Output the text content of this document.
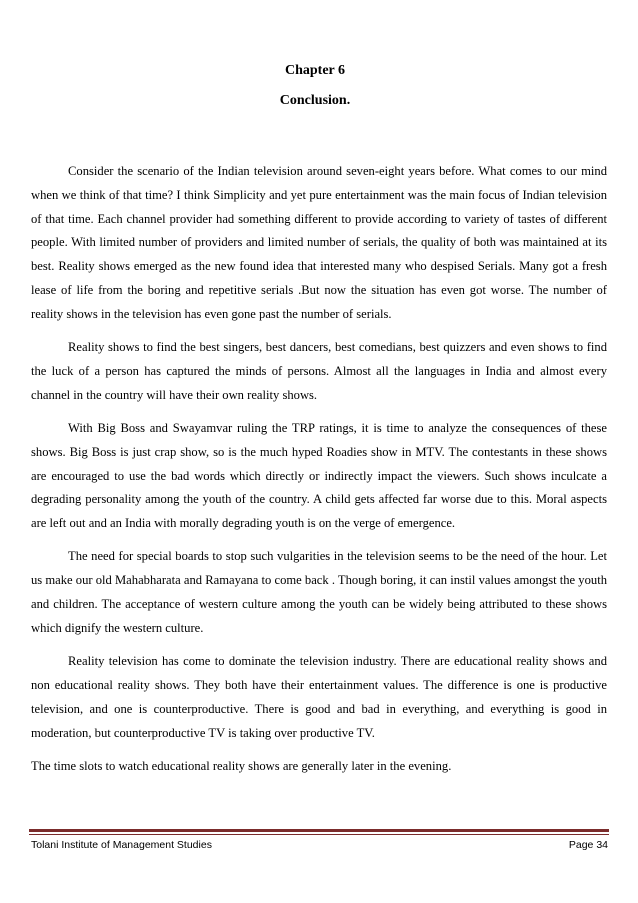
Chapter 6
Conclusion.

Consider the scenario of the Indian television around seven-eight years before. What comes to our mind when we think of that time? I think Simplicity and yet pure entertainment was the main focus of Indian television of that time. Each channel provider had something different to provide according to variety of tastes of different people. With limited number of providers and limited number of serials, the quality of both was maintained at its best. Reality shows emerged as the new found idea that interested many who despised Serials. Many got a fresh lease of life from the boring and repetitive serials .But now the situation has even got worse. The number of reality shows in the television has even gone past the number of serials.

Reality shows to find the best singers, best dancers, best comedians, best quizzers and even shows to find the luck of a person has captured the minds of persons. Almost all the languages in India and almost every channel in the country will have their own reality shows.

With Big Boss and Swayamvar ruling the TRP ratings, it is time to analyze the consequences of these shows. Big Boss is just crap show, so is the much hyped Roadies show in MTV. The contestants in these shows are encouraged to use the bad words which directly or indirectly impact the viewers. Such shows inculcate a degrading personality among the youth of the country. A child gets affected far worse due to this. Moral aspects are left out and an India with morally degrading youth is on the verge of emergence.

The need for special boards to stop such vulgarities in the television seems to be the need of the hour. Let us make our old Mahabharata and Ramayana to come back . Though boring, it can instil values amongst the youth and children. The acceptance of western culture among the youth can be widely being attributed to these shows which dignify the western culture.

Reality television has come to dominate the television industry. There are educational reality shows and non educational reality shows. They both have their entertainment values. The difference is one is productive television, and one is counterproductive. There is good and bad in everything, and everything is good in moderation, but counterproductive TV is taking over productive TV.

The time slots to watch educational reality shows are generally later in the evening.

Tolani Institute of Management Studies	Page 34
